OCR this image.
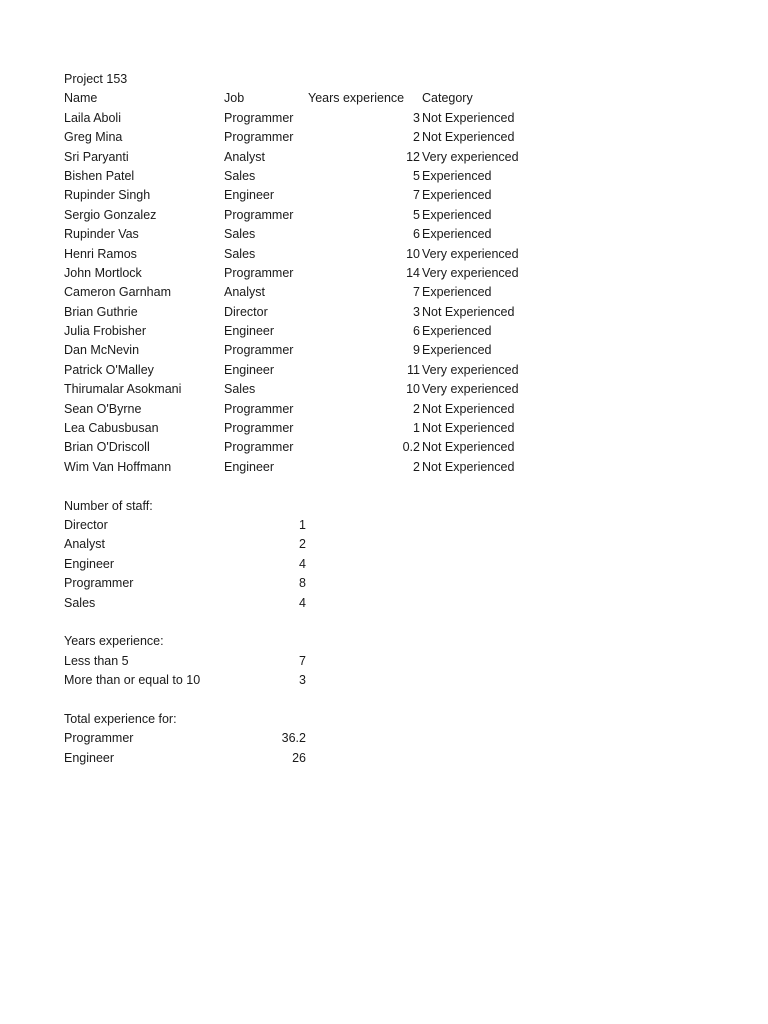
Project 153
Name	Job	Years experience Category
Laila Aboli	Programmer	3 Not Experienced
Greg Mina	Programmer	2 Not Experienced
Sri Paryanti	Analyst	12 Very experienced
Bishen Patel	Sales	5 Experienced
Rupinder Singh	Engineer	7 Experienced
Sergio Gonzalez	Programmer	5 Experienced
Rupinder Vas	Sales	6 Experienced
Henri Ramos	Sales	10 Very experienced
John Mortlock	Programmer	14 Very experienced
Cameron Garnham	Analyst	7 Experienced
Brian Guthrie	Director	3 Not Experienced
Julia Frobisher	Engineer	6 Experienced
Dan McNevin	Programmer	9 Experienced
Patrick O'Malley	Engineer	11 Very experienced
Thirumalar Asokmani	Sales	10 Very experienced
Sean O'Byrne	Programmer	2 Not Experienced
Lea Cabusbusan	Programmer	1 Not Experienced
Brian O'Driscoll	Programmer	0.2 Not Experienced
Wim Van Hoffmann	Engineer	2 Not Experienced
Number of staff:
Director	1
Analyst	2
Engineer	4
Programmer	8
Sales	4
Years experience:
Less than 5	7
More than or equal to 10	3
Total experience for:
Programmer	36.2
Engineer	26
